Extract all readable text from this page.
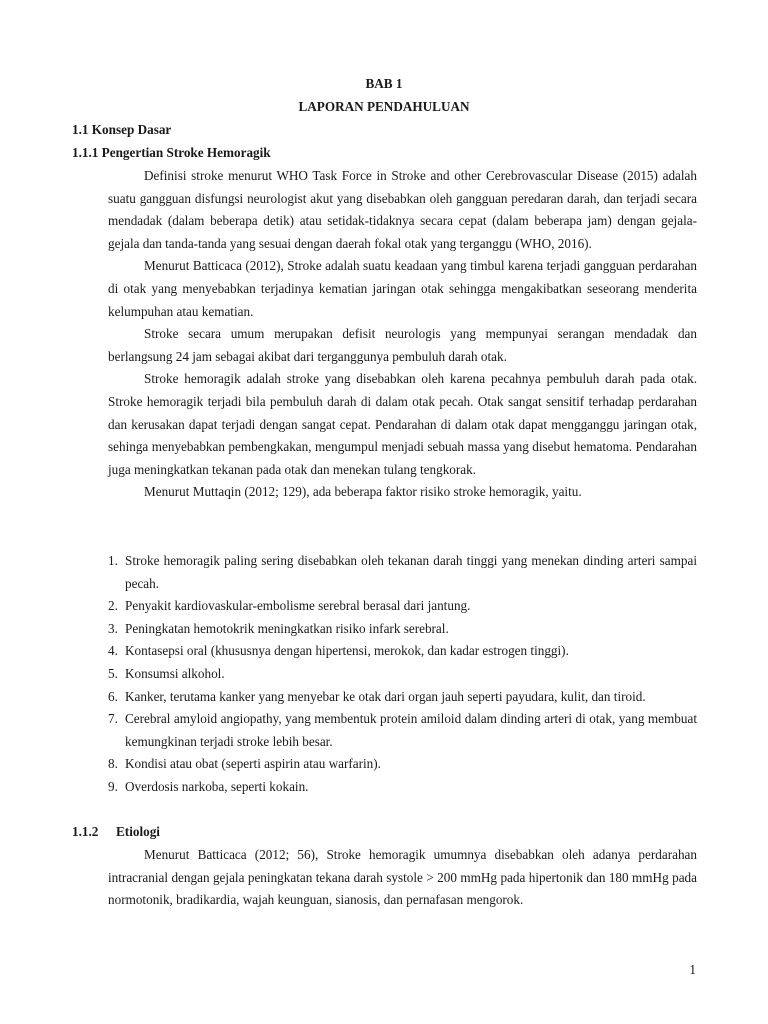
BAB 1
LAPORAN PENDAHULUAN
1.1 Konsep Dasar
1.1.1 Pengertian Stroke Hemoragik

Definisi stroke menurut WHO Task Force in Stroke and other Cerebrovascular Disease (2015) adalah suatu gangguan disfungsi neurologist akut yang disebabkan oleh gangguan peredaran darah, dan terjadi secara mendadak (dalam beberapa detik) atau setidak-tidaknya secara cepat (dalam beberapa jam) dengan gejala-gejala dan tanda-tanda yang sesuai dengan daerah fokal otak yang terganggu (WHO, 2016).

Menurut Batticaca (2012), Stroke adalah suatu keadaan yang timbul karena terjadi gangguan perdarahan di otak yang menyebabkan terjadinya kematian jaringan otak sehingga mengakibatkan seseorang menderita kelumpuhan atau kematian.

Stroke secara umum merupakan defisit neurologis yang mempunyai serangan mendadak dan berlangsung 24 jam sebagai akibat dari terganggunya pembuluh darah otak.

Stroke hemoragik adalah stroke yang disebabkan oleh karena pecahnya pembuluh darah pada otak. Stroke hemoragik terjadi bila pembuluh darah di dalam otak pecah. Otak sangat sensitif terhadap perdarahan dan kerusakan dapat terjadi dengan sangat cepat. Pendarahan di dalam otak dapat mengganggu jaringan otak, sehinga menyebabkan pembengkakan, mengumpul menjadi sebuah massa yang disebut hematoma. Pendarahan juga meningkatkan tekanan pada otak dan menekan tulang tengkorak.

Menurut Muttaqin (2012; 129), ada beberapa faktor risiko stroke hemoragik, yaitu.

1. Stroke hemoragik paling sering disebabkan oleh tekanan darah tinggi yang menekan dinding arteri sampai pecah.
2. Penyakit kardiovaskular-embolisme serebral berasal dari jantung.
3. Peningkatan hemotokrik meningkatkan risiko infark serebral.
4. Kontasepsi oral (khususnya dengan hipertensi, merokok, dan kadar estrogen tinggi).
5. Konsumsi alkohol.
6. Kanker, terutama kanker yang menyebar ke otak dari organ jauh seperti payudara, kulit, dan tiroid.
7. Cerebral amyloid angiopathy, yang membentuk protein amiloid dalam dinding arteri di otak, yang membuat kemungkinan terjadi stroke lebih besar.
8. Kondisi atau obat (seperti aspirin atau warfarin).
9. Overdosis narkoba, seperti kokain.
1.1.2 Etiologi

Menurut Batticaca (2012; 56), Stroke hemoragik umumnya disebabkan oleh adanya perdarahan intracranial dengan gejala peningkatan tekana darah systole > 200 mmHg pada hipertonik dan 180 mmHg pada normotonik, bradikardia, wajah keunguan, sianosis, dan pernafasan mengorok.

1
